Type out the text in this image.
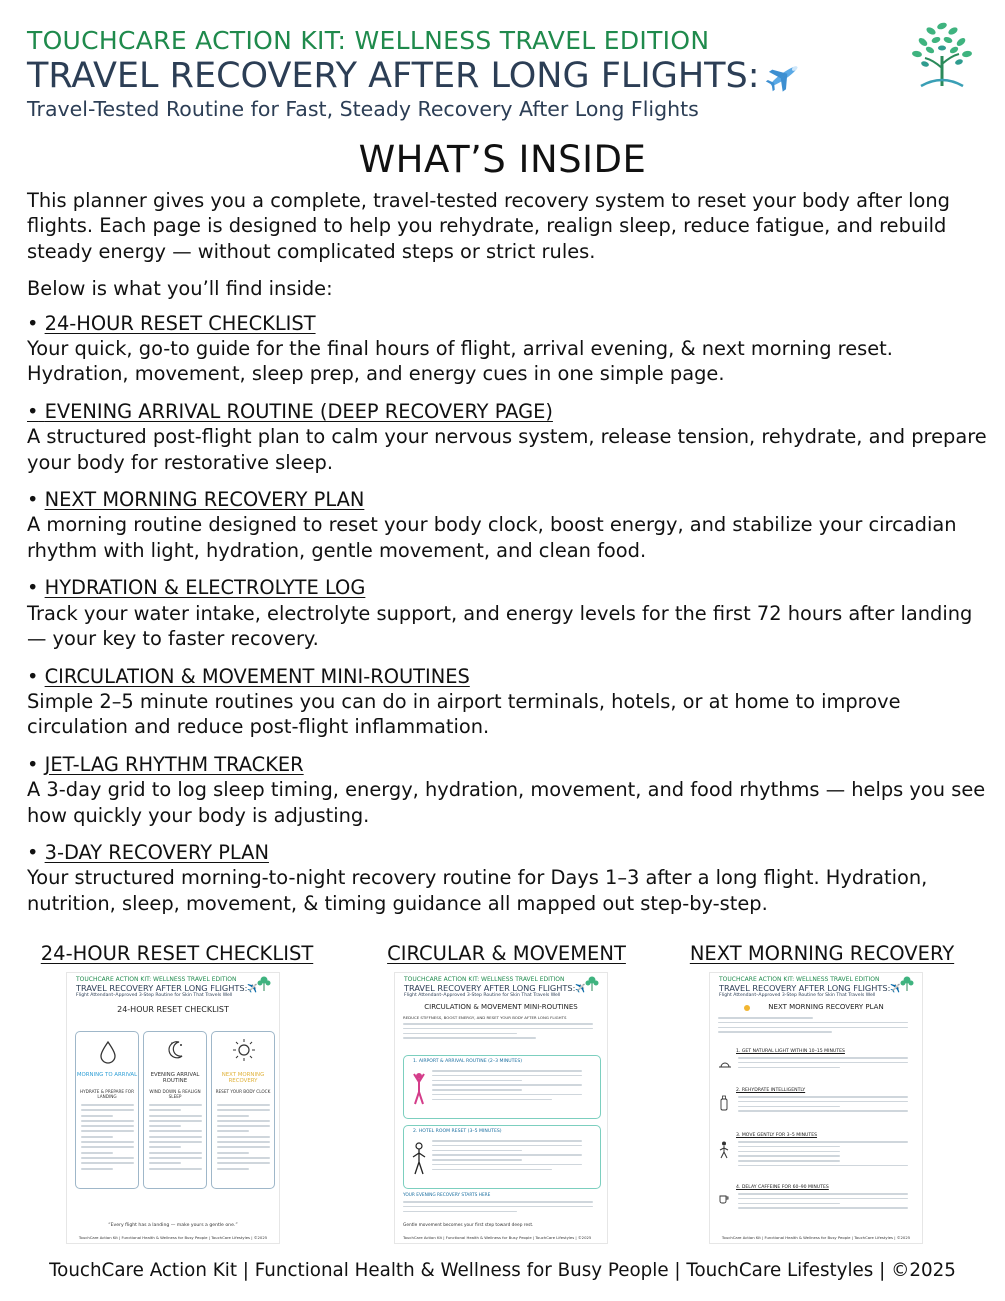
TOUCHCARE ACTION KIT: WELLNESS TRAVEL EDITION
TRAVEL RECOVERY AFTER LONG FLIGHTS:
Travel-Tested Routine for Fast, Steady Recovery After Long Flights
WHAT’S INSIDE

This planner gives you a complete, travel-tested recovery system to reset your body after long flights. Each page is designed to help you rehydrate, realign sleep, reduce fatigue, and rebuild steady energy — without complicated steps or strict rules.

Below is what you’ll find inside:

• 24-HOUR RESET CHECKLIST
Your quick, go-to guide for the final hours of flight, arrival evening, & next morning reset. Hydration, movement, sleep prep, and energy cues in one simple page.
• EVENING ARRIVAL ROUTINE (DEEP RECOVERY PAGE)
A structured post-flight plan to calm your nervous system, release tension, rehydrate, and prepare your body for restorative sleep.
• NEXT MORNING RECOVERY PLAN
A morning routine designed to reset your body clock, boost energy, and stabilize your circadian rhythm with light, hydration, gentle movement, and clean food.
• HYDRATION & ELECTROLYTE LOG
Track your water intake, electrolyte support, and energy levels for the first 72 hours after landing — your key to faster recovery.
• CIRCULATION & MOVEMENT MINI-ROUTINES
Simple 2–5 minute routines you can do in airport terminals, hotels, or at home to improve circulation and reduce post-flight inflammation.
• JET-LAG RHYTHM TRACKER
A 3-day grid to log sleep timing, energy, hydration, movement, and food rhythms — helps you see how quickly your body is adjusting.
• 3-DAY RECOVERY PLAN
Your structured morning-to-night recovery routine for Days 1–3 after a long flight. Hydration, nutrition, sleep, movement, & timing guidance all mapped out step-by-step.
24-HOUR RESET CHECKLIST	CIRCULAR & MOVEMENT	NEXT MORNING RECOVERY
TOUCHCARE ACTION KIT: WELLNESS TRAVEL EDITION
TRAVEL RECOVERY AFTER LONG FLIGHTS:✈️
Flight Attendant–Approved 3-Step Routine for Skin That Travels Well
24-HOUR RESET CHECKLIST
MORNING TO ARRIVAL
HYDRATE & PREPARE FOR LANDING
EVENING ARRIVAL ROUTINE
WIND DOWN & REALIGN SLEEP
NEXT MORNING RECOVERY
RESET YOUR BODY CLOCK
“Every flight has a landing — make yours a gentle one.”
TouchCare Action Kit | Functional Health & Wellness for Busy People | TouchCare Lifestyles | ©2025
TOUCHCARE ACTION KIT: WELLNESS TRAVEL EDITION
TRAVEL RECOVERY AFTER LONG FLIGHTS:✈️
Flight Attendant–Approved 3-Step Routine for Skin That Travels Well
CIRCULATION & MOVEMENT MINI-ROUTINES
REDUCE STIFFNESS, BOOST ENERGY, AND RESET YOUR BODY AFTER LONG FLIGHTS
1. AIRPORT & ARRIVAL ROUTINE (2–3 MINUTES)
2. HOTEL ROOM RESET (3–5 MINUTES)
YOUR EVENING RECOVERY STARTS HERE
Gentle movement becomes your first step toward deep rest.
TouchCare Action Kit | Functional Health & Wellness for Busy People | TouchCare Lifestyles | ©2025
TOUCHCARE ACTION KIT: WELLNESS TRAVEL EDITION
TRAVEL RECOVERY AFTER LONG FLIGHTS:✈️
Flight Attendant–Approved 3-Step Routine for Skin That Travels Well
NEXT MORNING RECOVERY PLAN
1. GET NATURAL LIGHT WITHIN 10–15 MINUTES
2. REHYDRATE INTELLIGENTLY
3. MOVE GENTLY FOR 3–5 MINUTES
4. DELAY CAFFEINE FOR 60–90 MINUTES
TouchCare Action Kit | Functional Health & Wellness for Busy People | TouchCare Lifestyles | ©2025
TouchCare Action Kit | Functional Health & Wellness for Busy People | TouchCare Lifestyles | ©2025
